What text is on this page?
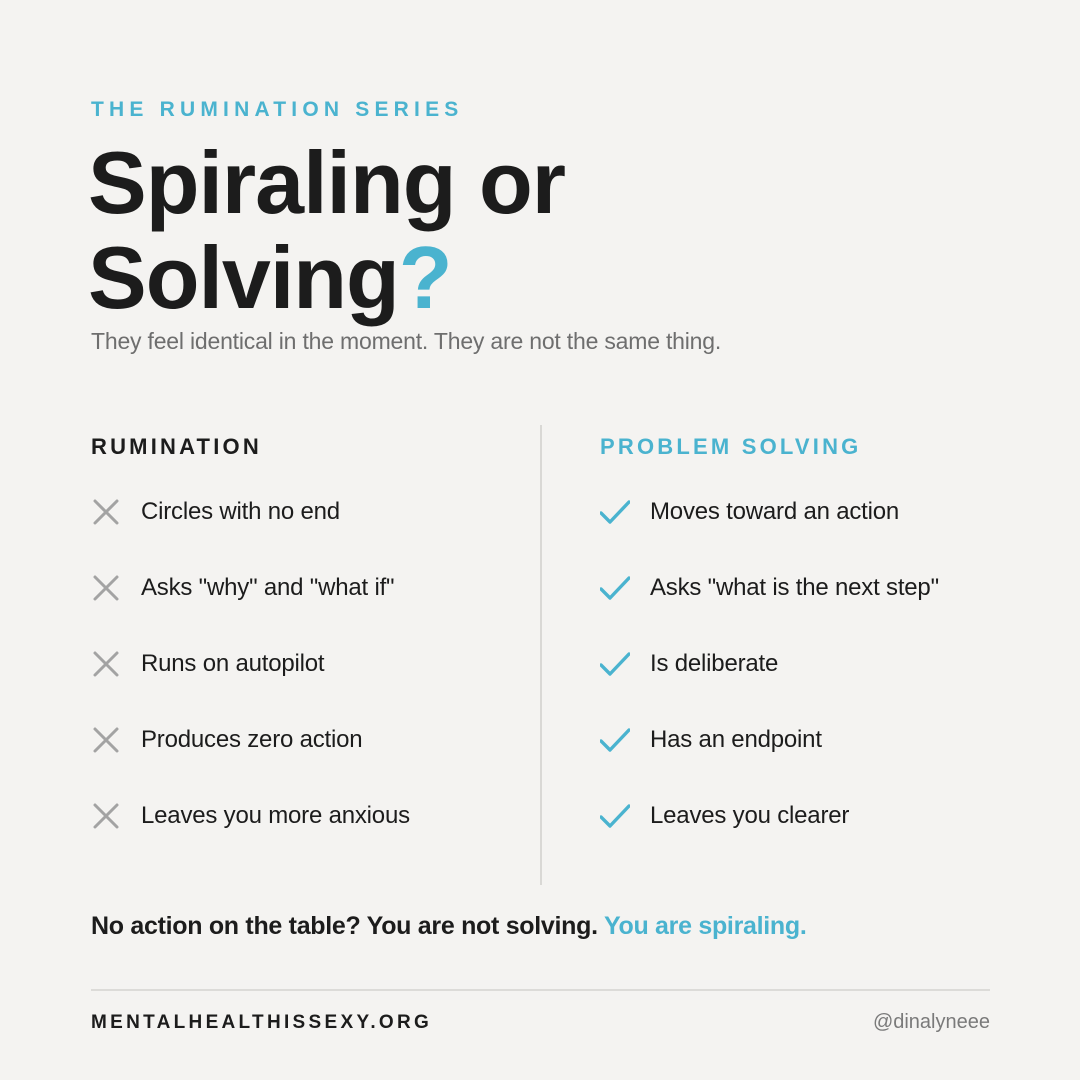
THE RUMINATION SERIES

Spiraling or
Solving?

They feel identical in the moment. They are not the same thing.

RUMINATION
Circles with no end
Asks "why" and "what if"
Runs on autopilot
Produces zero action
Leaves you more anxious
PROBLEM SOLVING
Moves toward an action
Asks "what is the next step"
Is deliberate
Has an endpoint
Leaves you clearer

No action on the table? You are not solving. You are spiraling.

MENTALHEALTHISSEXY.ORG	@dinalyneee
